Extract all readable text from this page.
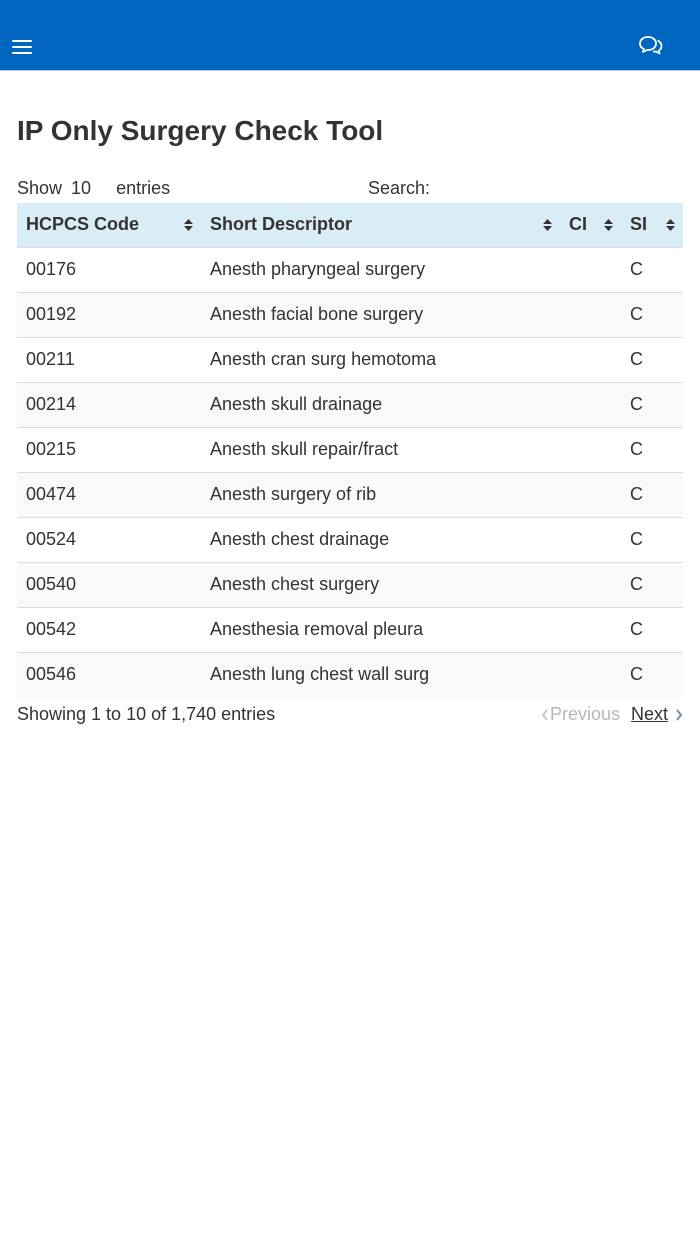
IP Only Surgery Check Tool
Show 10 entries	Search:
HCPCS Code	Short Descriptor	CI	SI

00176	Anesth pharyngeal surgery		C
00192	Anesth facial bone surgery		C
00211	Anesth cran surg hemotoma		C
00214	Anesth skull drainage		C
00215	Anesth skull repair/fract		C
00474	Anesth surgery of rib		C
00524	Anesth chest drainage		C
00540	Anesth chest surgery		C
00542	Anesthesia removal pleura		C
00546	Anesth lung chest wall surg		C
Showing 1 to 10 of 1,740 entries	Previous Next
